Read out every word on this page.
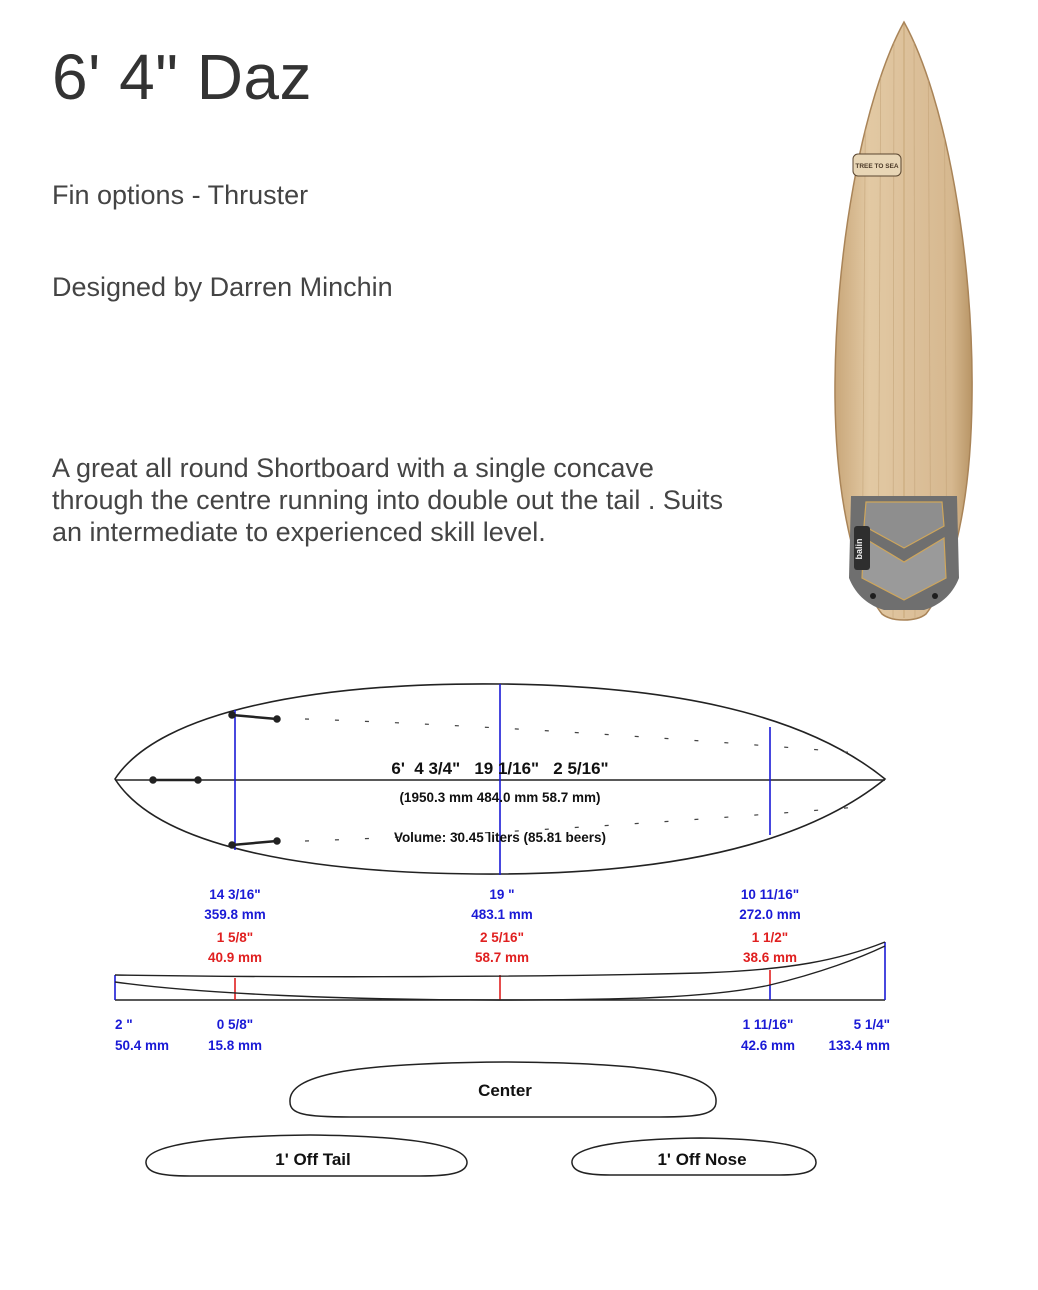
6' 4" Daz
Fin options - Thruster
Designed by Darren Minchin
A great all round Shortboard with a single concave through the centre running into double out the tail . Suits an intermediate to experienced skill level.
TREE TO SEA
balin
6'  4 3/4"   19 1/16"   2 5/16"
(1950.3 mm 484.0 mm 58.7 mm)
Volume: 30.45 liters (85.81 beers)
14 3/16"
359.8 mm
19 "
483.1 mm
10 11/16"
272.0 mm
1 5/8"
40.9 mm
2 5/16"
58.7 mm
1 1/2"
38.6 mm
2 "
50.4 mm
0 5/8"
15.8 mm
1 11/16"
42.6 mm
5 1/4"
133.4 mm
Center
1' Off Tail	1' Off Nose
